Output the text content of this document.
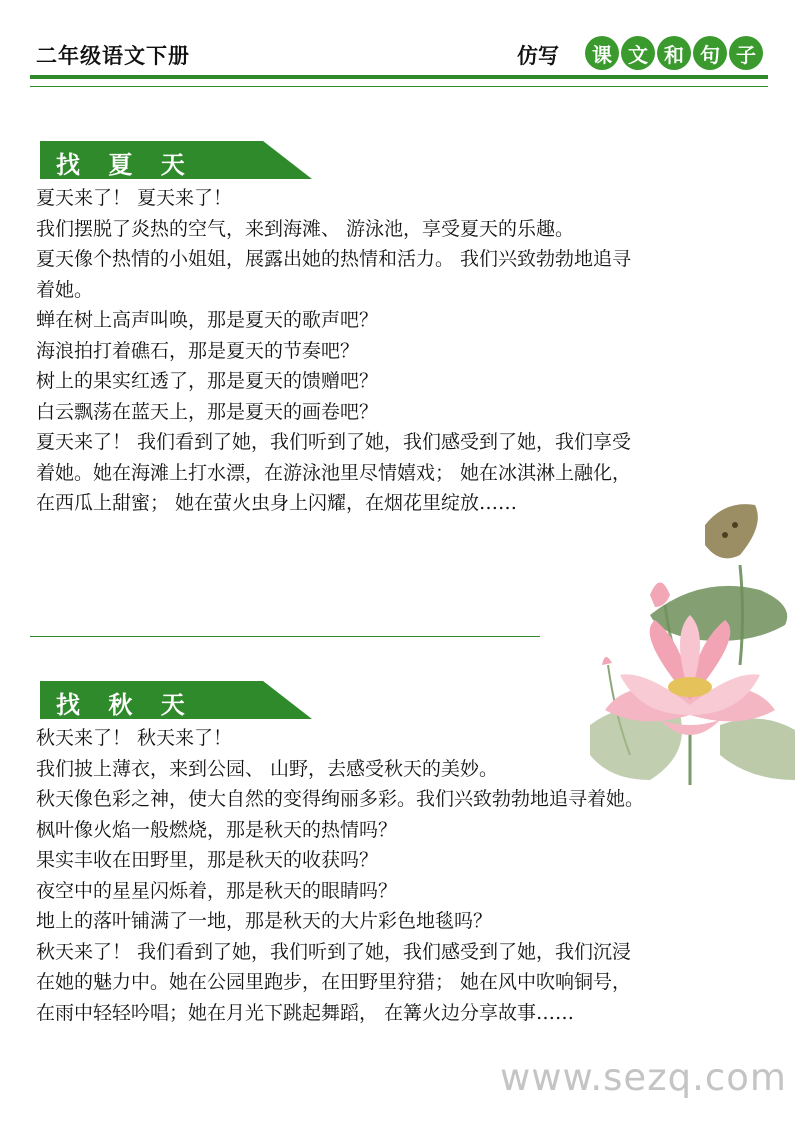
二年级语文下册	仿写	课 文 和 句 子
找 夏 天
夏天来了！ 夏天来了！
我们摆脱了炎热的空气，来到海滩、 游泳池，享受夏天的乐趣。
夏天像个热情的小姐姐，展露出她的热情和活力。 我们兴致勃勃地追寻
着她。
蝉在树上高声叫唤，那是夏天的歌声吧？
海浪拍打着礁石，那是夏天的节奏吧？
树上的果实红透了，那是夏天的馈赠吧？
白云飘荡在蓝天上，那是夏天的画卷吧？
夏天来了！ 我们看到了她，我们听到了她，我们感受到了她，我们享受
着她。她在海滩上打水漂，在游泳池里尽情嬉戏； 她在冰淇淋上融化，
在西瓜上甜蜜； 她在萤火虫身上闪耀，在烟花里绽放……
找 秋 天
秋天来了！ 秋天来了！
我们披上薄衣，来到公园、 山野，去感受秋天的美妙。
秋天像色彩之神，使大自然的变得绚丽多彩。我们兴致勃勃地追寻着她。
枫叶像火焰一般燃烧，那是秋天的热情吗？
果实丰收在田野里，那是秋天的收获吗？
夜空中的星星闪烁着，那是秋天的眼睛吗？
地上的落叶铺满了一地，那是秋天的大片彩色地毯吗？
秋天来了！ 我们看到了她，我们听到了她，我们感受到了她，我们沉浸
在她的魅力中。她在公园里跑步，在田野里狩猎； 她在风中吹响铜号，
在雨中轻轻吟唱；她在月光下跳起舞蹈， 在篝火边分享故事……
www.sezq.com
